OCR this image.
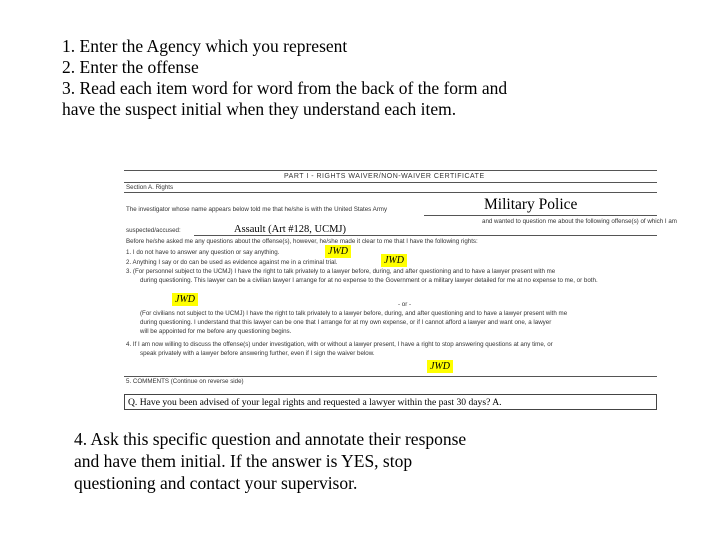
1. Enter the Agency which you represent
2. Enter the offense
3. Read each item word for word from the back of the form and
have the suspect initial when they understand each item.
PART I - RIGHTS WAIVER/NON-WAIVER CERTIFICATE
Section A. Rights
The investigator whose name appears below told me that he/she is with the United States Army	Military Police
and wanted to question me about the following offense(s) of which I am
suspected/accused:	Assault (Art #128, UCMJ)
Before he/she asked me any questions about the offense(s), however, he/she made it clear to me that I have the following rights:
1. I do not have to answer any question or say anything.	JWD
2. Anything I say or do can be used as evidence against me in a criminal trial.	JWD
3. (For personnel subject to the UCMJ) I have the right to talk privately to a lawyer before, during, and after questioning and to have a lawyer present with me
during questioning. This lawyer can be a civilian lawyer I arrange for at no expense to the Government or a military lawyer detailed for me at no expense to me, or both.
JWD	- or -
(For civilians not subject to the UCMJ) I have the right to talk privately to a lawyer before, during, and after questioning and to have a lawyer present with me
during questioning. I understand that this lawyer can be one that I arrange for at my own expense, or if I cannot afford a lawyer and want one, a lawyer
will be appointed for me before any questioning begins.
4. If I am now willing to discuss the offense(s) under investigation, with or without a lawyer present, I have a right to stop answering questions at any time, or
speak privately with a lawyer before answering further, even if I sign the waiver below.
JWD
5. COMMENTS (Continue on reverse side)
Q. Have you been advised of your legal rights and requested a lawyer within the past 30 days? A.
4. Ask this specific question and annotate their response
and have them initial. If the answer is YES, stop
questioning and contact your supervisor.
